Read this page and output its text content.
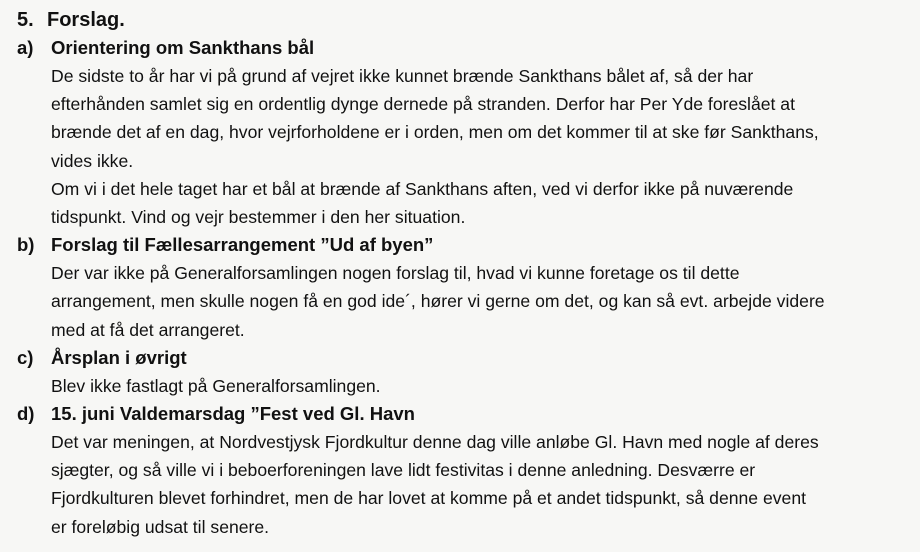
5. Forslag.
a) Orientering om Sankthans bål

De sidste to år har vi på grund af vejret ikke kunnet brænde Sankthans bålet af, så der har
efterhånden samlet sig en ordentlig dynge dernede på stranden. Derfor har Per Yde foreslået at
brænde det af en dag, hvor vejrforholdene er i orden, men om det kommer til at ske før Sankthans,
vides ikke.

Om vi i det hele taget har et bål at brænde af Sankthans aften, ved vi derfor ikke på nuværende
tidspunkt. Vind og vejr bestemmer i den her situation.

b) Forslag til Fællesarrangement ”Ud af byen”

Der var ikke på Generalforsamlingen nogen forslag til, hvad vi kunne foretage os til dette
arrangement, men skulle nogen få en god ide´, hører vi gerne om det, og kan så evt. arbejde videre
med at få det arrangeret.

c) Årsplan i øvrigt

Blev ikke fastlagt på Generalforsamlingen.

d) 15. juni Valdemarsdag ”Fest ved Gl. Havn

Det var meningen, at Nordvestjysk Fjordkultur denne dag ville anløbe Gl. Havn med nogle af deres
sjægter, og så ville vi i beboerforeningen lave lidt festivitas i denne anledning. Desværre er
Fjordkulturen blevet forhindret, men de har lovet at komme på et andet tidspunkt, så denne event
er foreløbig udsat til senere.
